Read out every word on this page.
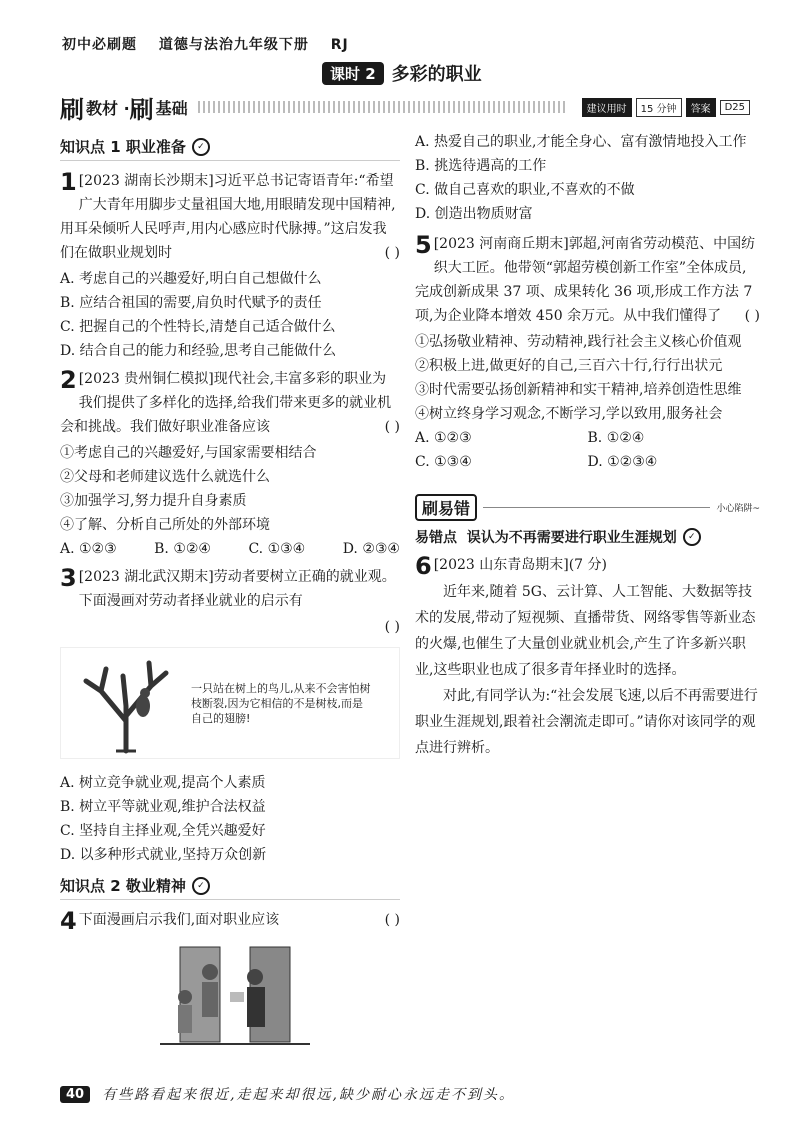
初中必刷题 道德与法治九年级下册 RJ
课时 2 多彩的职业
刷 教材 · 刷 基础	建议用时	15 分钟	答案	D25
知识点 1 职业准备	✓
1 [2023 湖南长沙期末]习近平总书记寄语青年:“希望广大青年用脚步丈量祖国大地,用眼睛发现中国精神,用耳朵倾听人民呼声,用内心感应时代脉搏。”这启发我们在做职业规划时	( )
A. 考虑自己的兴趣爱好,明白自己想做什么
B. 应结合祖国的需要,肩负时代赋予的责任
C. 把握自己的个性特长,清楚自己适合做什么
D. 结合自己的能力和经验,思考自己能做什么
2 [2023 贵州铜仁模拟]现代社会,丰富多彩的职业为我们提供了多样化的选择,给我们带来更多的就业机会和挑战。我们做好职业准备应该	( )
①考虑自己的兴趣爱好,与国家需要相结合
②父母和老师建议选什么就选什么
③加强学习,努力提升自身素质
④了解、分析自己所处的外部环境
A. ①②③	B. ①②④	C. ①③④	D. ②③④
3 [2023 湖北武汉期末]劳动者要树立正确的就业观。下面漫画对劳动者择业就业的启示有
( )
一只站在树上的鸟儿,从来不会害怕树枝断裂,因为它相信的不是树枝,而是自己的翅膀!
A. 树立竞争就业观,提高个人素质
B. 树立平等就业观,维护合法权益
C. 坚持自主择业观,全凭兴趣爱好
D. 以多种形式就业,坚持万众创新
知识点 2 敬业精神	✓
4 下面漫画启示我们,面对职业应该	( )
A. 热爱自己的职业,才能全身心、富有激情地投入工作
B. 挑选待遇高的工作
C. 做自己喜欢的职业,不喜欢的不做
D. 创造出物质财富
5 [2023 河南商丘期末]郭超,河南省劳动模范、中国纺织大工匠。他带领“郭超劳模创新工作室”全体成员,完成创新成果 37 项、成果转化 36 项,形成工作方法 7 项,为企业降本增效 450 余万元。从中我们懂得了 ( )
①弘扬敬业精神、劳动精神,践行社会主义核心价值观
②积极上进,做更好的自己,三百六十行,行行出状元
③时代需要弘扬创新精神和实干精神,培养创造性思维
④树立终身学习观念,不断学习,学以致用,服务社会
A. ①②③	B. ①②④
C. ①③④	D. ①②③④
刷易错	小心陷阱~
易错点
误认为不再需要进行职业生涯规划	✓
6 [2023 山东青岛期末](7 分)
近年来,随着 5G、云计算、人工智能、大数据等技术的发展,带动了短视频、直播带货、网络零售等新业态的火爆,也催生了大量创业就业机会,产生了许多新兴职业,这些职业也成了很多青年择业时的选择。
对此,有同学认为:“社会发展飞速,以后不再需要进行职业生涯规划,跟着社会潮流走即可。”请你对该同学的观点进行辨析。
40	有些路看起来很近,走起来却很远,缺少耐心永远走不到头。
